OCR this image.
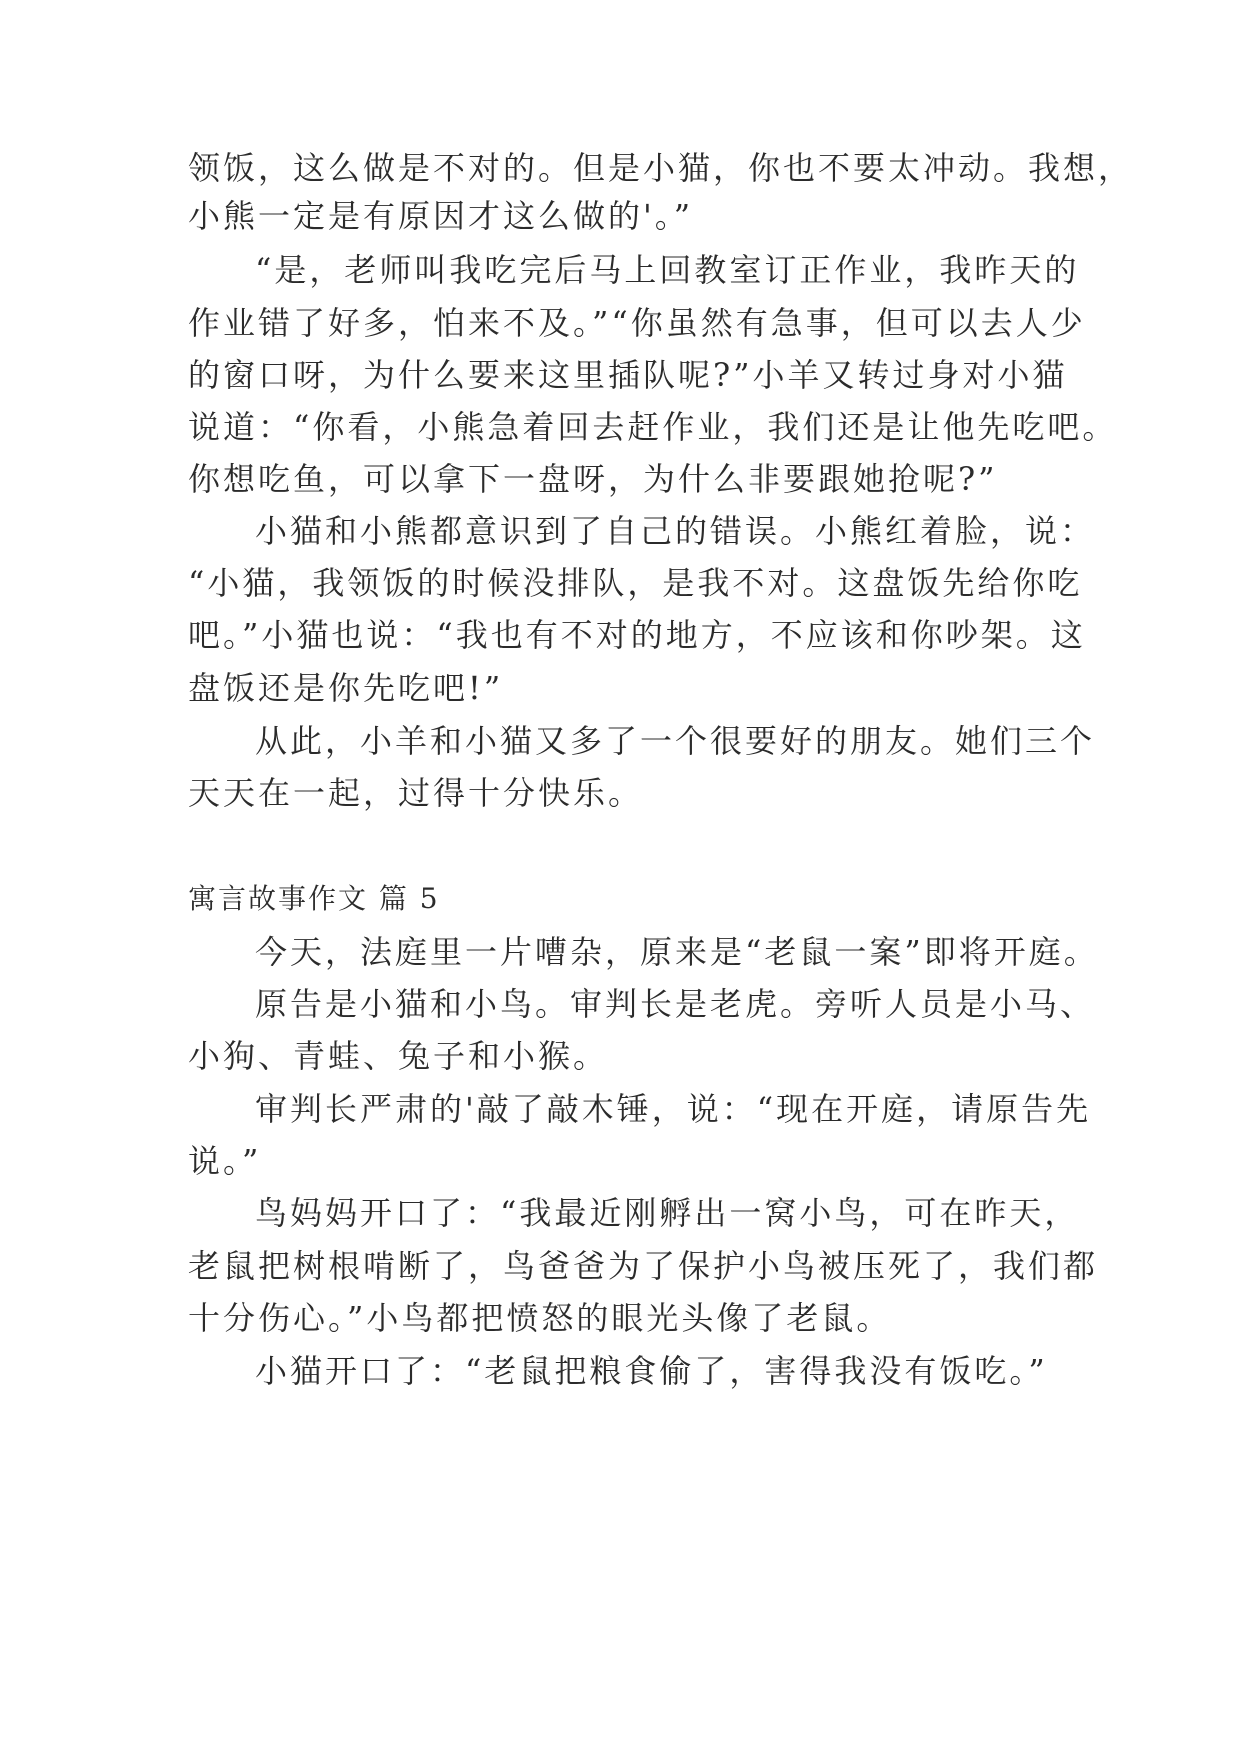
领饭，这么做是不对的。但是小猫，你也不要太冲动。我想，
小熊一定是有原因才这么做的'。”
“是，老师叫我吃完后马上回教室订正作业，我昨天的
作业错了好多，怕来不及。”“你虽然有急事，但可以去人少
的窗口呀，为什么要来这里插队呢?”小羊又转过身对小猫
说道：“你看，小熊急着回去赶作业，我们还是让他先吃吧。
你想吃鱼，可以拿下一盘呀，为什么非要跟她抢呢?”
小猫和小熊都意识到了自己的错误。小熊红着脸，说：
“小猫，我领饭的时候没排队，是我不对。这盘饭先给你吃
吧。”小猫也说：“我也有不对的地方，不应该和你吵架。这
盘饭还是你先吃吧!”
从此，小羊和小猫又多了一个很要好的朋友。她们三个
天天在一起，过得十分快乐。
寓言故事作文 篇 5
今天，法庭里一片嘈杂，原来是“老鼠一案”即将开庭。
原告是小猫和小鸟。审判长是老虎。旁听人员是小马、
小狗、青蛙、兔子和小猴。
审判长严肃的'敲了敲木锤，说：“现在开庭，请原告先
说。”
鸟妈妈开口了：“我最近刚孵出一窝小鸟，可在昨天，
老鼠把树根啃断了，鸟爸爸为了保护小鸟被压死了，我们都
十分伤心。”小鸟都把愤怒的眼光头像了老鼠。
小猫开口了：“老鼠把粮食偷了，害得我没有饭吃。”
